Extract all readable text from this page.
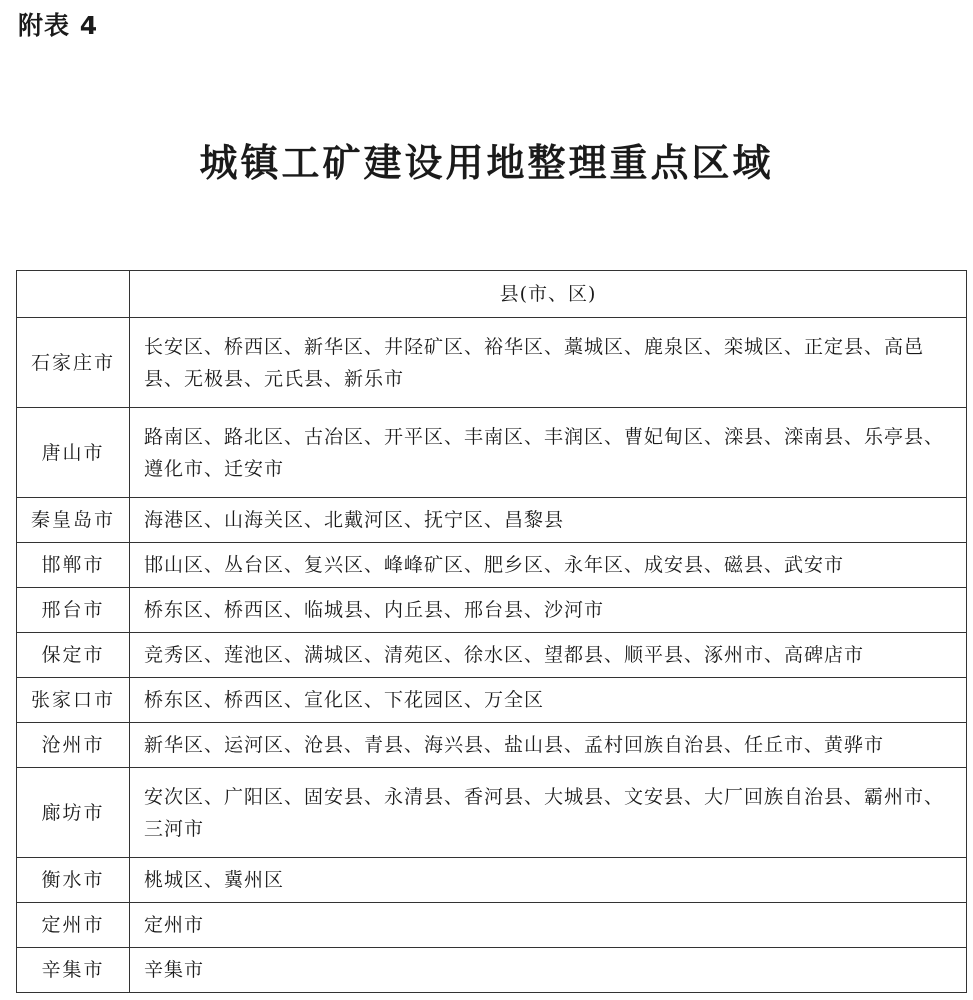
附表 4
城镇工矿建设用地整理重点区域
	县(市、区)
石家庄市	长安区、桥西区、新华区、井陉矿区、裕华区、藁城区、鹿泉区、栾城区、正定县、高邑县、无极县、元氏县、新乐市
唐山市	路南区、路北区、古冶区、开平区、丰南区、丰润区、曹妃甸区、滦县、滦南县、乐亭县、遵化市、迁安市
秦皇岛市	海港区、山海关区、北戴河区、抚宁区、昌黎县
邯郸市	邯山区、丛台区、复兴区、峰峰矿区、肥乡区、永年区、成安县、磁县、武安市
邢台市	桥东区、桥西区、临城县、内丘县、邢台县、沙河市
保定市	竞秀区、莲池区、满城区、清苑区、徐水区、望都县、顺平县、涿州市、高碑店市
张家口市	桥东区、桥西区、宣化区、下花园区、万全区
沧州市	新华区、运河区、沧县、青县、海兴县、盐山县、孟村回族自治县、任丘市、黄骅市
廊坊市	安次区、广阳区、固安县、永清县、香河县、大城县、文安县、大厂回族自治县、霸州市、三河市
衡水市	桃城区、冀州区
定州市	定州市
辛集市	辛集市
